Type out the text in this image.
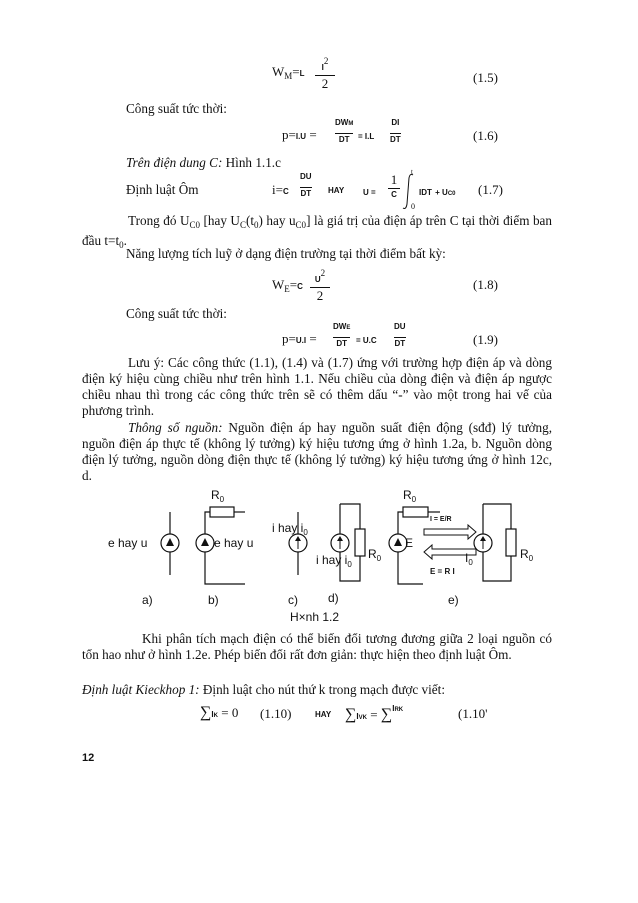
$W_M=L$
$I^2$
2	(1.5)
Công suất tức thời:
p=I.U =
DWM
DT	= I.L
DI
DT	(1.6)
Trên điện dung C: Hình 1.1.c
Định luật Ôm	i=C
DU
DT HAY U =
1
C
t
0
IDT + UC0 (1.7)
Trong đó $U_{C0}$ [hay $U_C(t_0)$ hay $u_{C0}$] là giá trị của điện áp trên C tại thời điểm ban đầu $t=t_0$.
Năng lượng tích luỹ ở dạng điện trường tại thời điểm bất kỳ:
$W_E=C$
$U^2$
2
(1.8)
Công suất tức thời:
p=U.I =
DWE
DT	= U.C
DU
DT	(1.9)
Lưu ý: Các công thức (1.1), (1.4) và (1.7) ứng với trường hợp điện áp và dòng điện ký hiệu cùng chiều như trên hình 1.1. Nếu chiều của dòng điện và điện áp ngược chiều nhau thì trong các công thức trên sẽ có thêm dấu “-” vào một trong hai vế của phương trình.
Thông số nguồn: Nguồn điện áp hay nguồn suất điện động (sđđ) lý tưởng, nguồn điện áp thực tế (không lý tưởng) ký hiệu tương ứng ở hình 1.2a, b. Nguồn dòng điện lý tưởng, nguồn dòng điện thực tế (không lý tưởng) ký hiệu tương ứng ở hình 12c, d.
$R_0$
e hay u	e hay u
i hay $i_0$
i hay $i_0$
$R_0$
$R_0$
E
$I_0$
$R_0$
I = E/R
E = R I
a)	b)	c)	d)	e)
H×nh 1.2
Khi phân tích mạch điện có thể biến đổi tương đương giữa 2 loại nguồn có tổn hao như ở hình 1.2e. Phép biến đổi rất đơn giản: thực hiện theo định luật Ôm.
Định luật Kieckhop 1: Định luật cho nút thứ k trong mạch được viết:
∑IK = 0 (1.10)	HAY ∑IVK = ∑$^{IRK}$	(1.10'
12
